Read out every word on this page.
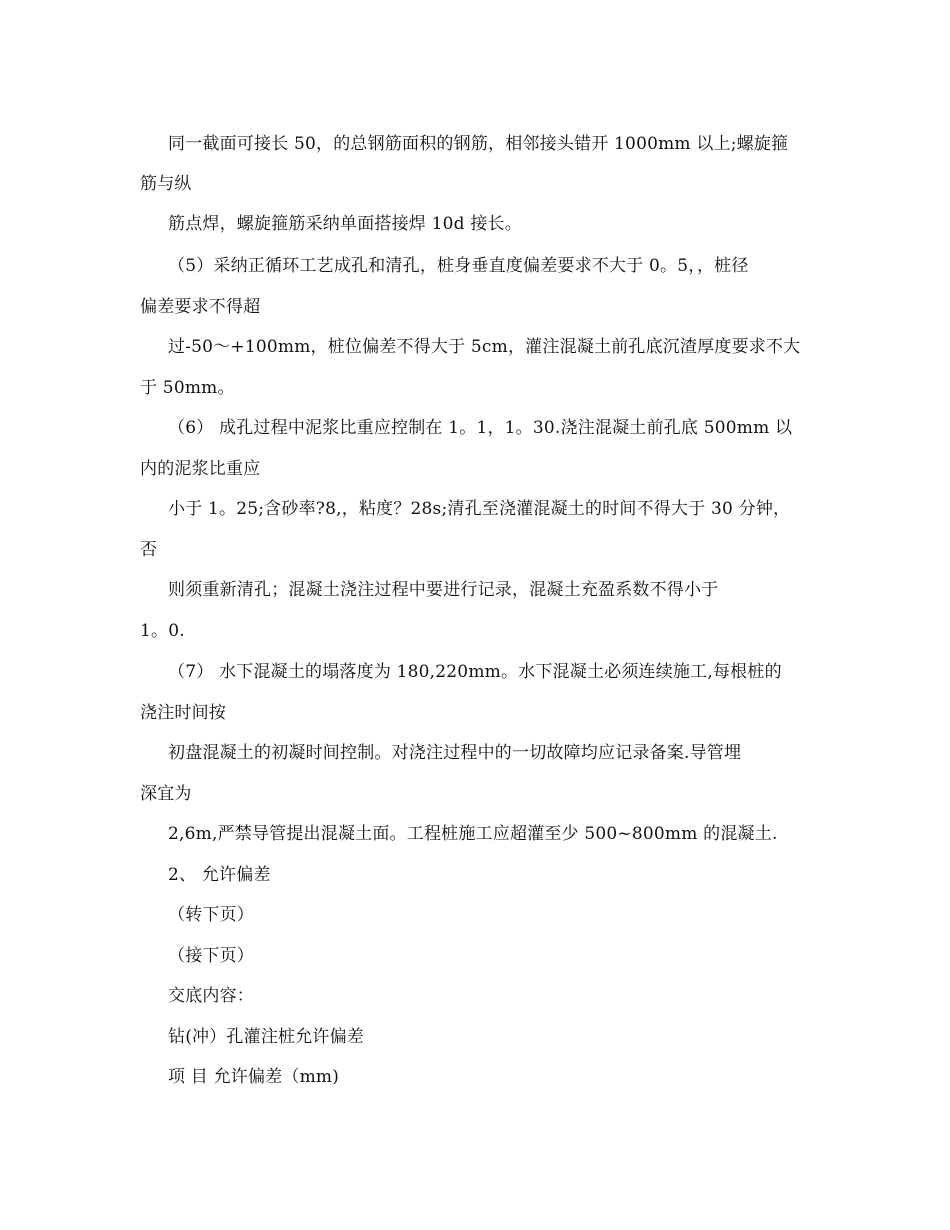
同一截面可接长 50，的总钢筋面积的钢筋，相邻接头错开 1000mm 以上;螺旋箍
筋与纵
筋点焊，螺旋箍筋采纳单面搭接焊 10d 接长。
（5）采纳正循环工艺成孔和清孔，桩身垂直度偏差要求不大于 0。5，，桩径
偏差要求不得超
过-50～+100mm，桩位偏差不得大于 5cm，灌注混凝土前孔底沉渣厚度要求不大
于 50mm。
（6） 成孔过程中泥浆比重应控制在 1。1，1。30.浇注混凝土前孔底 500mm 以
内的泥浆比重应
小于 1。25;含砂率?8,，粘度？28s;清孔至浇灌混凝土的时间不得大于 30 分钟，
否
则须重新清孔；混凝土浇注过程中要进行记录，混凝土充盈系数不得小于
1。0.
（7） 水下混凝土的塌落度为 180,220mm。水下混凝土必须连续施工,每根桩的
浇注时间按
初盘混凝土的初凝时间控制。对浇注过程中的一切故障均应记录备案.导管埋
深宜为
2,6m,严禁导管提出混凝土面。工程桩施工应超灌至少 500~800mm 的混凝土.
2、 允许偏差
（转下页）
（接下页）
交底内容：
钻(冲）孔灌注桩允许偏差
项 目 允许偏差（mm)
